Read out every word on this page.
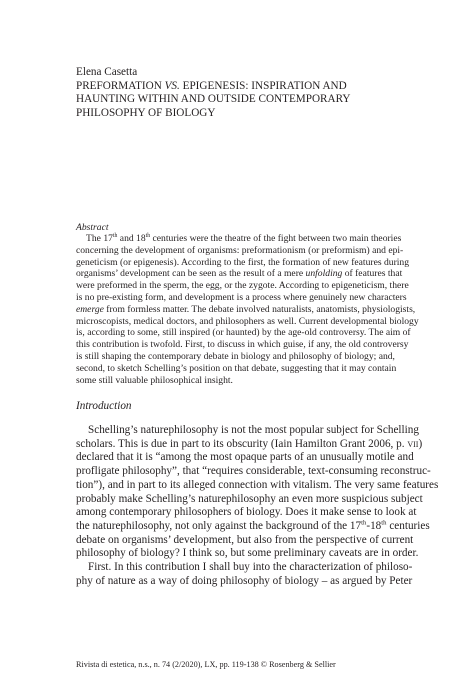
Elena Casetta
PREFORMATION VS. EPIGENESIS: INSPIRATION AND
HAUNTING WITHIN AND OUTSIDE CONTEMPORARY
PHILOSOPHY OF BIOLOGY
Abstract
The 17th and 18th centuries were the theatre of the fight between two main theories
concerning the development of organisms: preformationism (or preformism) and epi-
geneticism (or epigenesis). According to the first, the formation of new features during
organisms’ development can be seen as the result of a mere unfolding of features that
were preformed in the sperm, the egg, or the zygote. According to epigeneticism, there
is no pre-existing form, and development is a process where genuinely new characters
emerge from formless matter. The debate involved naturalists, anatomists, physiologists,
microscopists, medical doctors, and philosophers as well. Current developmental biology
is, according to some, still inspired (or haunted) by the age-old controversy. The aim of
this contribution is twofold. First, to discuss in which guise, if any, the old controversy
is still shaping the contemporary debate in biology and philosophy of biology; and,
second, to sketch Schelling’s position on that debate, suggesting that it may contain
some still valuable philosophical insight.
Introduction
Schelling’s naturephilosophy is not the most popular subject for Schelling
scholars. This is due in part to its obscurity (Iain Hamilton Grant 2006, p. vii)
declared that it is “among the most opaque parts of an unusually motile and
profligate philosophy”, that “requires considerable, text-consuming reconstruc-
tion”), and in part to its alleged connection with vitalism. The very same features
probably make Schelling’s naturephilosophy an even more suspicious subject
among contemporary philosophers of biology. Does it make sense to look at
the naturephilosophy, not only against the background of the 17th-18th centuries
debate on organisms’ development, but also from the perspective of current
philosophy of biology? I think so, but some preliminary caveats are in order.
First. In this contribution I shall buy into the characterization of philoso-
phy of nature as a way of doing philosophy of biology – as argued by Peter
Rivista di estetica, n.s., n. 74 (2/2020), LX, pp. 119-138 © Rosenberg & Sellier
